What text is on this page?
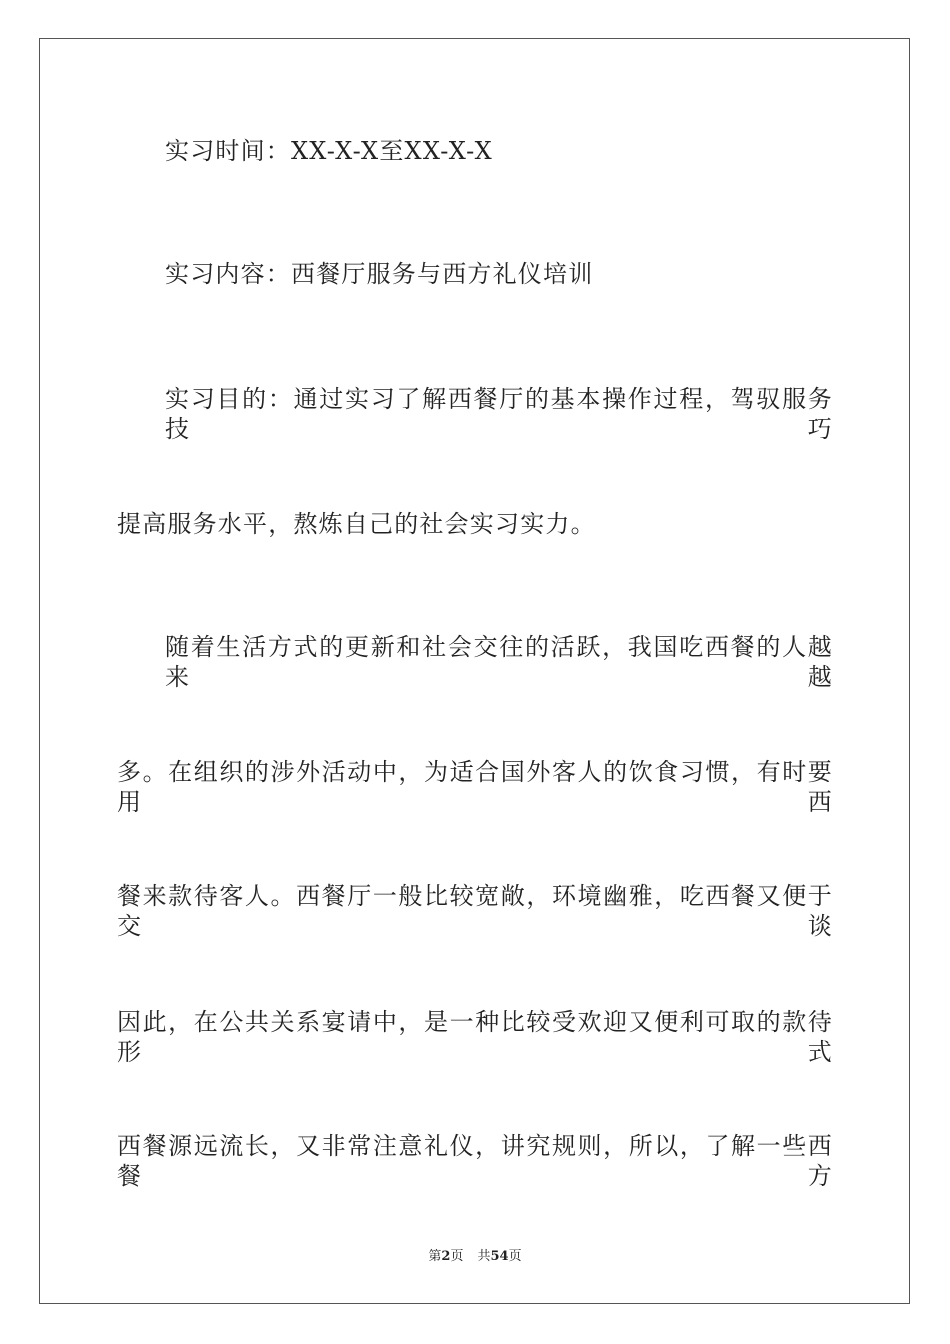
实习时间：XX-X-X至XX-X-X
实习内容：西餐厅服务与西方礼仪培训
实习目的：通过实习了解西餐厅的基本操作过程，驾驭服务技巧
提高服务水平，熬炼自己的社会实习实力。
随着生活方式的更新和社会交往的活跃，我国吃西餐的人越来越
多。在组织的涉外活动中，为适合国外客人的饮食习惯，有时要用西
餐来款待客人。西餐厅一般比较宽敞，环境幽雅，吃西餐又便于交谈
因此，在公共关系宴请中，是一种比较受欢迎又便利可取的款待形式
西餐源远流长，又非常注意礼仪，讲究规则，所以，了解一些西餐方
第2页 共54页
